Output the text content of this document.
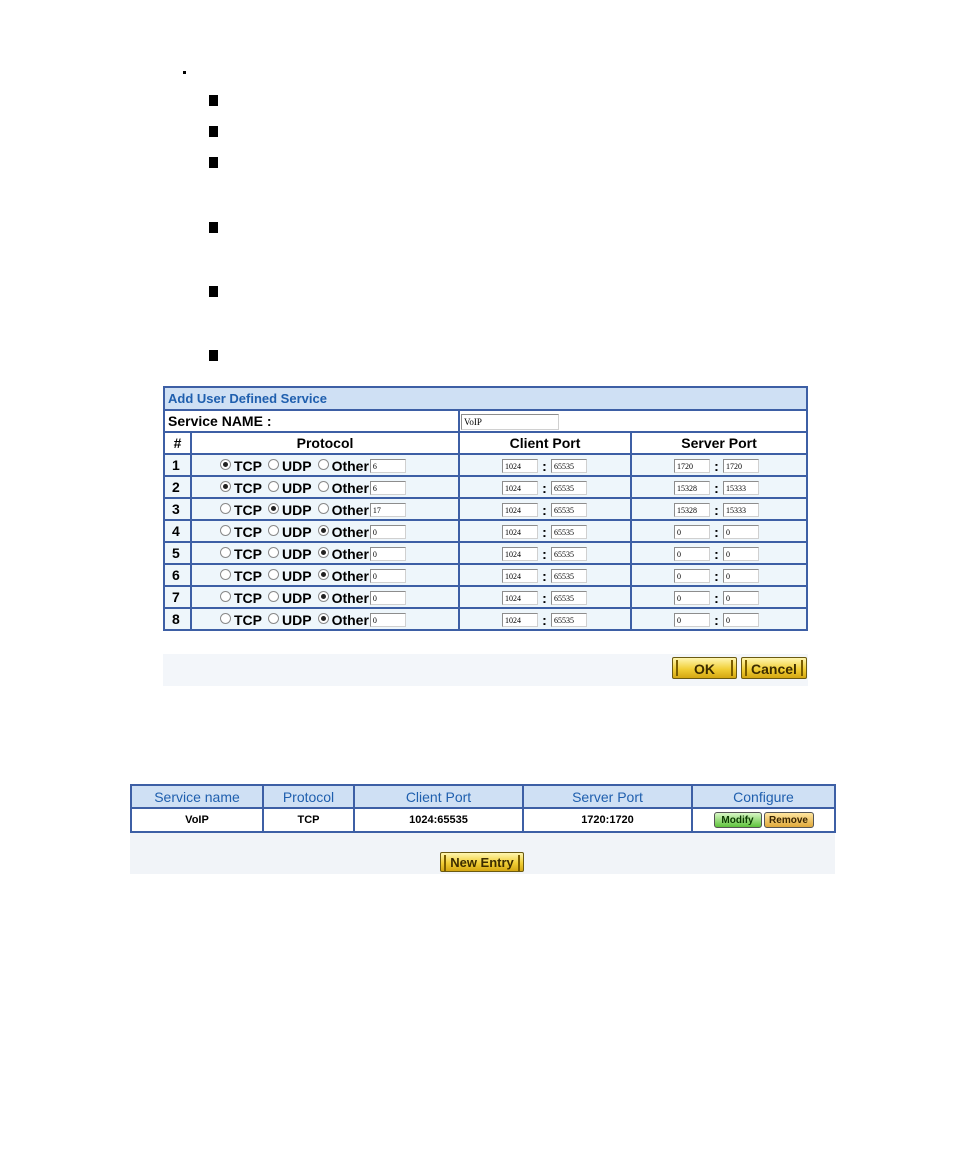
Add User Defined Service			
Service NAME :		VoIP	
#	Protocol	Client Port	Server Port
1	TCP UDP Other 6	1024 : 65535	1720 : 1720
2	TCP UDP Other 6	1024 : 65535	15328 : 15333
3	TCP UDP Other 17	1024 : 65535	15328 : 15333
4	TCP UDP Other 0	1024 : 65535	0 : 0
5	TCP UDP Other 0	1024 : 65535	0 : 0
6	TCP UDP Other 0	1024 : 65535	0 : 0
7	TCP UDP Other 0	1024 : 65535	0 : 0
8	TCP UDP Other 0	1024 : 65535	0 : 0
OK	Cancel
Service name	Protocol	Client Port	Server Port	Configure
VoIP	TCP	1024:65535	1720:1720	Modify Remove
New Entry
